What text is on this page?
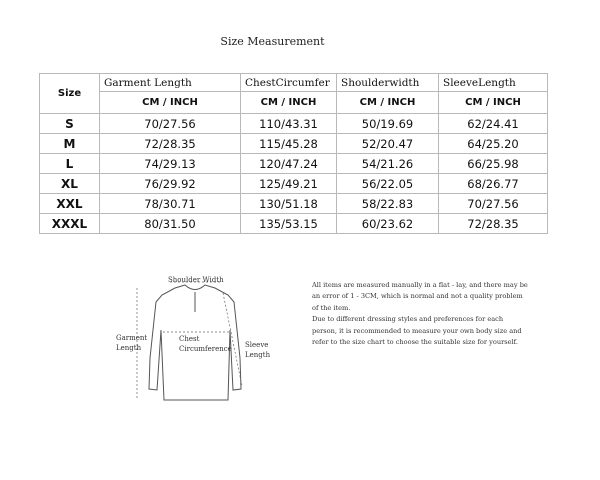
Size Measurement
Size	Garment Length	ChestCircumfer	Shoulderwidth	SleeveLength
	CM / INCH	CM / INCH	CM / INCH	CM / INCH
S	70/27.56	110/43.31	50/19.69	62/24.41
M	72/28.35	115/45.28	52/20.47	64/25.20
L	74/29.13	120/47.24	54/21.26	66/25.98
XL	76/29.92	125/49.21	56/22.05	68/26.77
XXL	78/30.71	130/51.18	58/22.83	70/27.56
XXXL	80/31.50	135/53.15	60/23.62	72/28.35
Shoulder Width
Garment
Length
Chest
Circumference Sleeve
Length

All items are measured manually in a flat - lay, and there may be an error of 1 - 3CM, which is normal and not a quality problem of the item.

Due to different dressing styles and preferences for each person, it is recommended to measure your own body size and refer to the size chart to choose the suitable size for yourself.
